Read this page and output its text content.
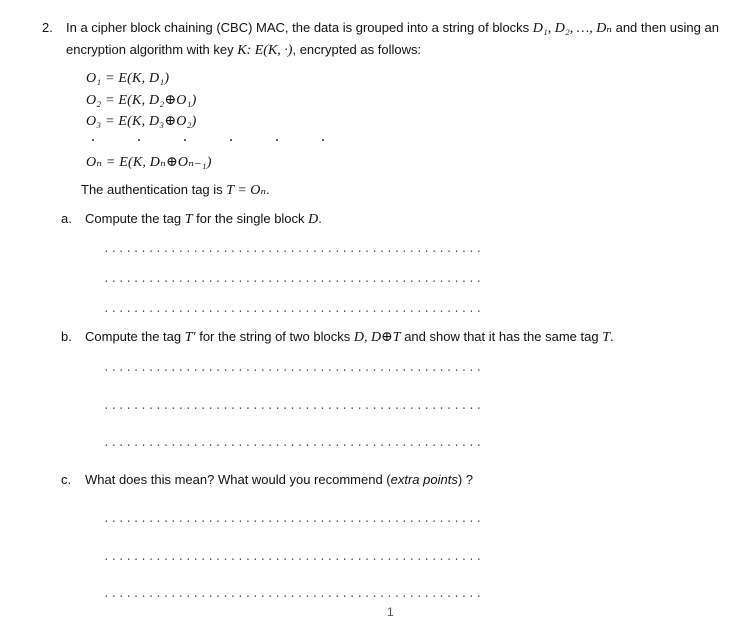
2. In a cipher block chaining (CBC) MAC, the data is grouped into a string of blocks D₁, D₂, …, Dₙ and then using an
encryption algorithm with key K: E(K, ·), encrypted as follows:
O₁ = E(K, D₁)
O₂ = E(K, D₂⊕O₁)
O₃ = E(K, D₃⊕O₂)
. . . . . .
Oₙ = E(K, Dₙ⊕Oₙ₋₁)
The authentication tag is T = Oₙ.
a. Compute the tag T for the single block D.
...................................................
...................................................
...................................................
b. Compute the tag T′ for the string of two blocks D, D⊕T and show that it has the same tag T.
...................................................
...................................................
...................................................
c. What does this mean? What would you recommend (extra points) ?
...................................................
...................................................
...................................................
1
